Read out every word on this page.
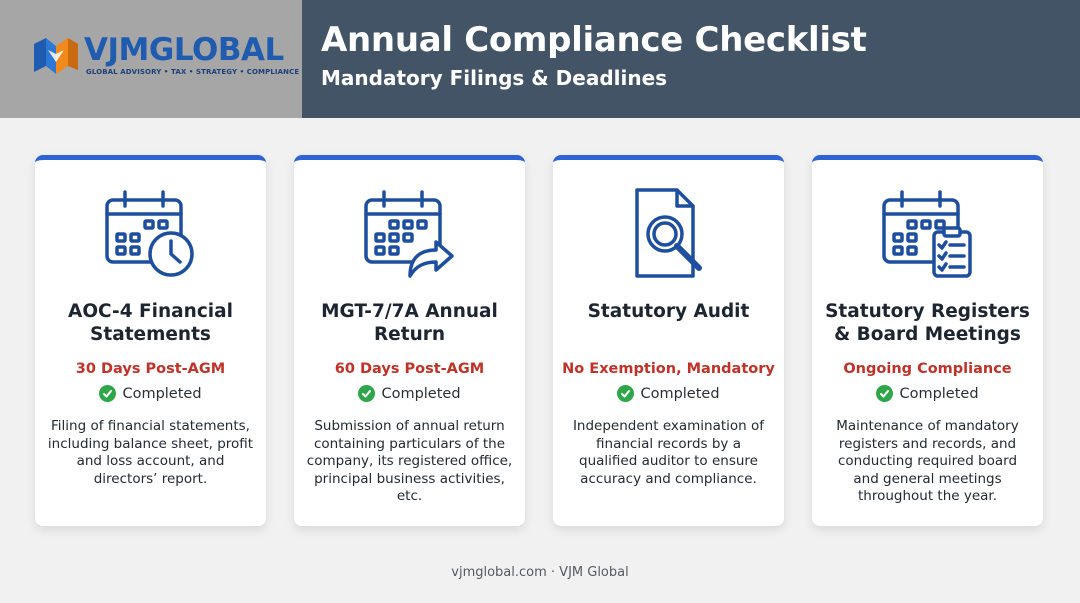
VJMGLOBAL
GLOBAL ADVISORY • TAX • STRATEGY • COMPLIANCE
Annual Compliance Checklist
Mandatory Filings & Deadlines
AOC-4 Financial Statements
30 Days Post-AGM
Completed
Filing of financial statements, including balance sheet, profit and loss account, and directors’ report.
MGT-7/7A Annual Return
60 Days Post-AGM
Completed
Submission of annual return containing particulars of the company, its registered office, principal business activities, etc.
Statutory Audit
No Exemption, Mandatory
Completed
Independent examination of financial records by a qualified auditor to ensure accuracy and compliance.
Statutory Registers & Board Meetings
Ongoing Compliance
Completed
Maintenance of mandatory registers and records, and conducting required board and general meetings throughout the year.
vjmglobal.com · VJM Global
